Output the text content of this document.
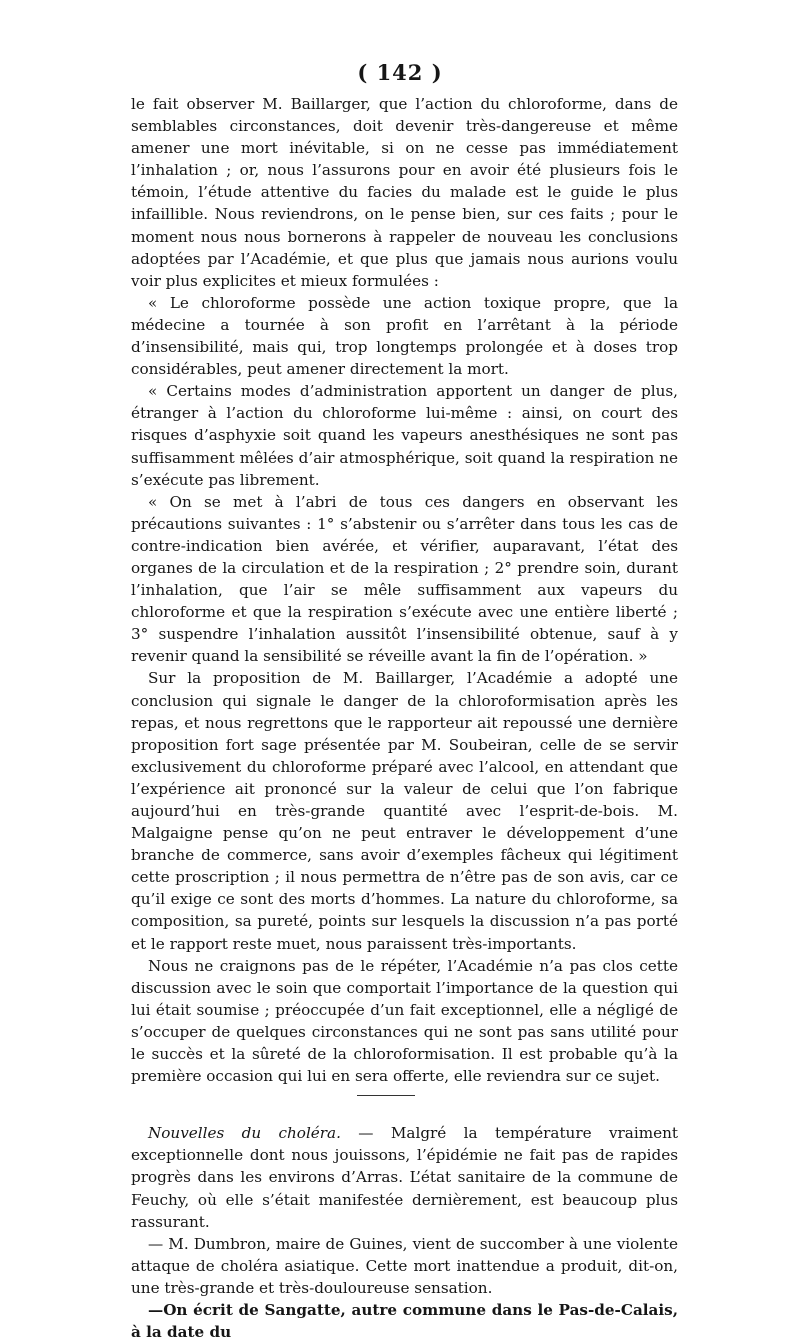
( 142 )

le fait observer M. Baillarger, que l’action du chloroforme, dans de semblables circonstances, doit devenir très-dangereuse et même amener une mort inévitable, si on ne cesse pas immédiatement l’inhalation ; or, nous l’assurons pour en avoir été plusieurs fois le témoin, l’étude attentive du facies du malade est le guide le plus infaillible. Nous reviendrons, on le pense bien, sur ces faits ; pour le moment nous nous bornerons à rappeler de nouveau les conclusions adoptées par l’Académie, et que plus que jamais nous aurions voulu voir plus explicites et mieux formulées :

« Le chloroforme possède une action toxique propre, que la médecine a tournée à son profit en l’arrêtant à la période d’insensibilité, mais qui, trop longtemps prolongée et à doses trop considérables, peut amener directement la mort.

« Certains modes d’administration apportent un danger de plus, étranger à l’action du chloroforme lui-même : ainsi, on court des risques d’asphyxie soit quand les vapeurs anesthésiques ne sont pas suffisamment mêlées d’air atmosphérique, soit quand la respiration ne s’exécute pas librement.

« On se met à l’abri de tous ces dangers en observant les précautions suivantes : 1° s’abstenir ou s’arrêter dans tous les cas de contre-indication bien avérée, et vérifier, auparavant, l’état des organes de la circulation et de la respiration ; 2° prendre soin, durant l’inhalation, que l’air se mêle suffisamment aux vapeurs du chloroforme et que la respiration s’exécute avec une entière liberté ; 3° suspendre l’inhalation aussitôt l’insensibilité obtenue, sauf à y revenir quand la sensibilité se réveille avant la fin de l’opération. »

Sur la proposition de M. Baillarger, l’Académie a adopté une conclusion qui signale le danger de la chloroformisation après les repas, et nous regrettons que le rapporteur ait repoussé une dernière proposition fort sage présentée par M. Soubeiran, celle de se servir exclusivement du chloroforme préparé avec l’alcool, en attendant que l’expérience ait prononcé sur la valeur de celui que l’on fabrique aujourd’hui en très-grande quantité avec l’esprit-de-bois. M. Malgaigne pense qu’on ne peut entraver le développement d’une branche de commerce, sans avoir d’exemples fâcheux qui légitiment cette proscription ; il nous permettra de n’être pas de son avis, car ce qu’il exige ce sont des morts d’hommes. La nature du chloroforme, sa composition, sa pureté, points sur lesquels la discussion n’a pas porté et le rapport reste muet, nous paraissent très-importants.

Nous ne craignons pas de le répéter, l’Académie n’a pas clos cette discussion avec le soin que comportait l’importance de la question qui lui était soumise ; préoccupée d’un fait exceptionnel, elle a négligé de s’occuper de quelques circonstances qui ne sont pas sans utilité pour le succès et la sûreté de la chloroformisation. Il est probable qu’à la première occasion qui lui en sera offerte, elle reviendra sur ce sujet.

Nouvelles du choléra. — Malgré la température vraiment exceptionnelle dont nous jouissons, l’épidémie ne fait pas de rapides progrès dans les environs d’Arras. L’état sanitaire de la commune de Feuchy, où elle s’était manifestée dernièrement, est beaucoup plus rassurant.

— M. Dumbron, maire de Guines, vient de succomber à une violente attaque de choléra asiatique. Cette mort inattendue a produit, dit-on, une très-grande et très-douloureuse sensation.

—On écrit de Sangatte, autre commune dans le Pas-de-Calais, à la date du
